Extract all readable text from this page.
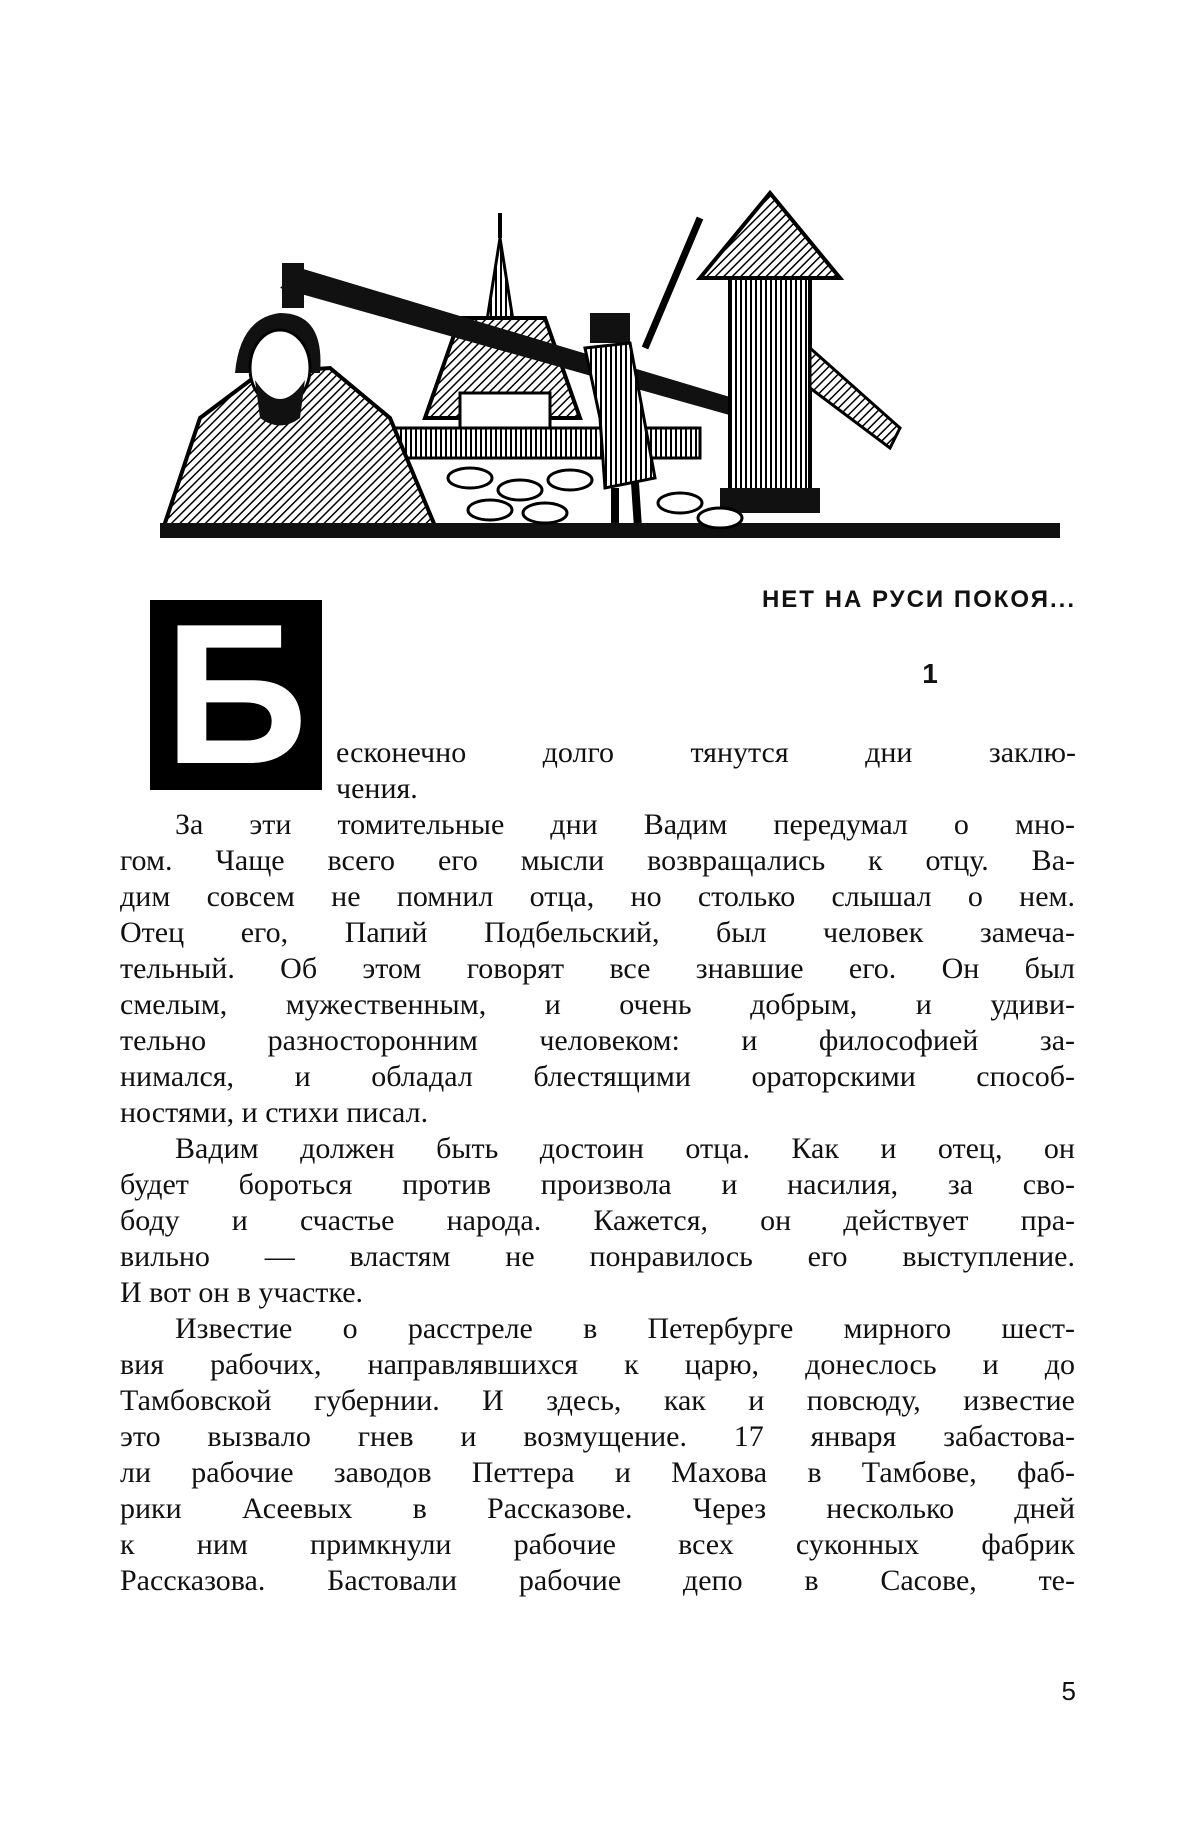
НЕТ НА РУСИ ПОКОЯ...
Б	1
есконечно долго тянутся дни заклю-
чения.
За эти томительные дни Вадим передумал о мно-
гом. Чаще всего его мысли возвращались к отцу. Ва-
дим совсем не помнил отца, но столько слышал о нем.
Отец его, Папий Подбельский, был человек замеча-
тельный. Об этом говорят все знавшие его. Он был
смелым, мужественным, и очень добрым, и удиви-
тельно разносторонним человеком: и философией за-
нимался, и обладал блестящими ораторскими способ-
ностями, и стихи писал.
Вадим должен быть достоин отца. Как и отец, он
будет бороться против произвола и насилия, за сво-
боду и счастье народа. Кажется, он действует пра-
вильно — властям не понравилось его выступление.
И вот он в участке.
Известие о расстреле в Петербурге мирного шест-
вия рабочих, направлявшихся к царю, донеслось и до
Тамбовской губернии. И здесь, как и повсюду, известие
это вызвало гнев и возмущение. 17 января забастова-
ли рабочие заводов Петтера и Махова в Тамбове, фаб-
рики Асеевых в Рассказове. Через несколько дней
к ним примкнули рабочие всех суконных фабрик
Рассказова. Бастовали рабочие депо в Сасове, те-
5
